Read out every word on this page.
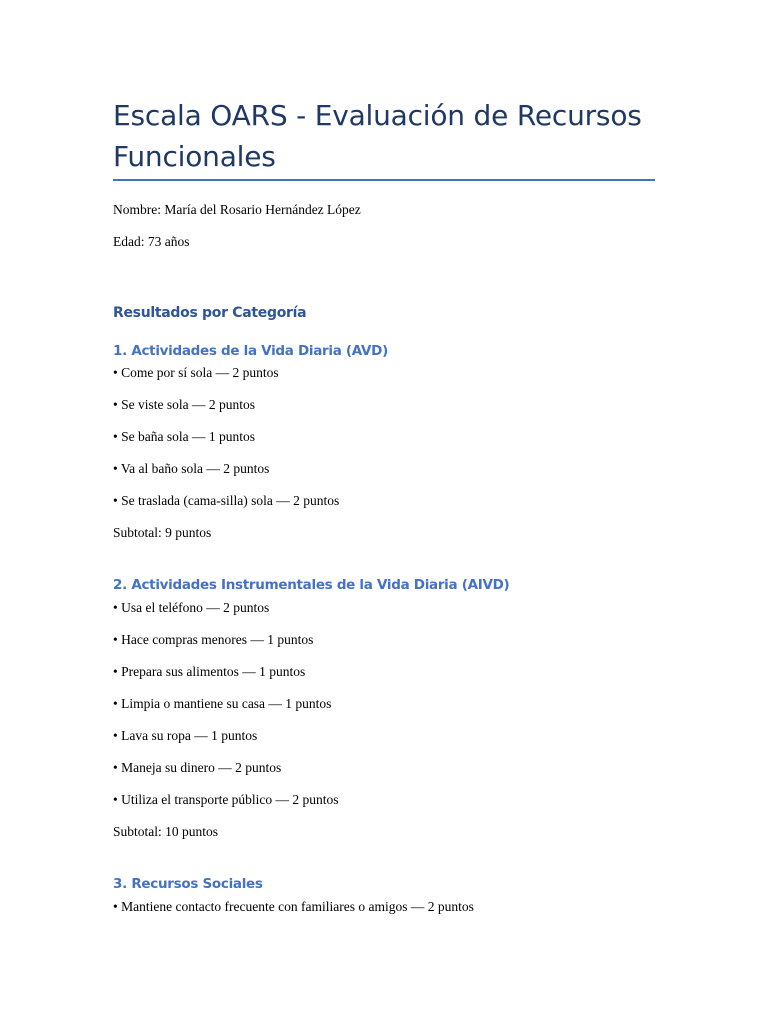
Escala OARS - Evaluación de Recursos Funcionales
Nombre: María del Rosario Hernández López
Edad: 73 años
Resultados por Categoría
1. Actividades de la Vida Diaria (AVD)
• Come por sí sola — 2 puntos
• Se viste sola — 2 puntos
• Se baña sola — 1 puntos
• Va al baño sola — 2 puntos
• Se traslada (cama-silla) sola — 2 puntos
Subtotal: 9 puntos
2. Actividades Instrumentales de la Vida Diaria (AIVD)
• Usa el teléfono — 2 puntos
• Hace compras menores — 1 puntos
• Prepara sus alimentos — 1 puntos
• Limpia o mantiene su casa — 1 puntos
• Lava su ropa — 1 puntos
• Maneja su dinero — 2 puntos
• Utiliza el transporte público — 2 puntos
Subtotal: 10 puntos
3. Recursos Sociales
• Mantiene contacto frecuente con familiares o amigos — 2 puntos
